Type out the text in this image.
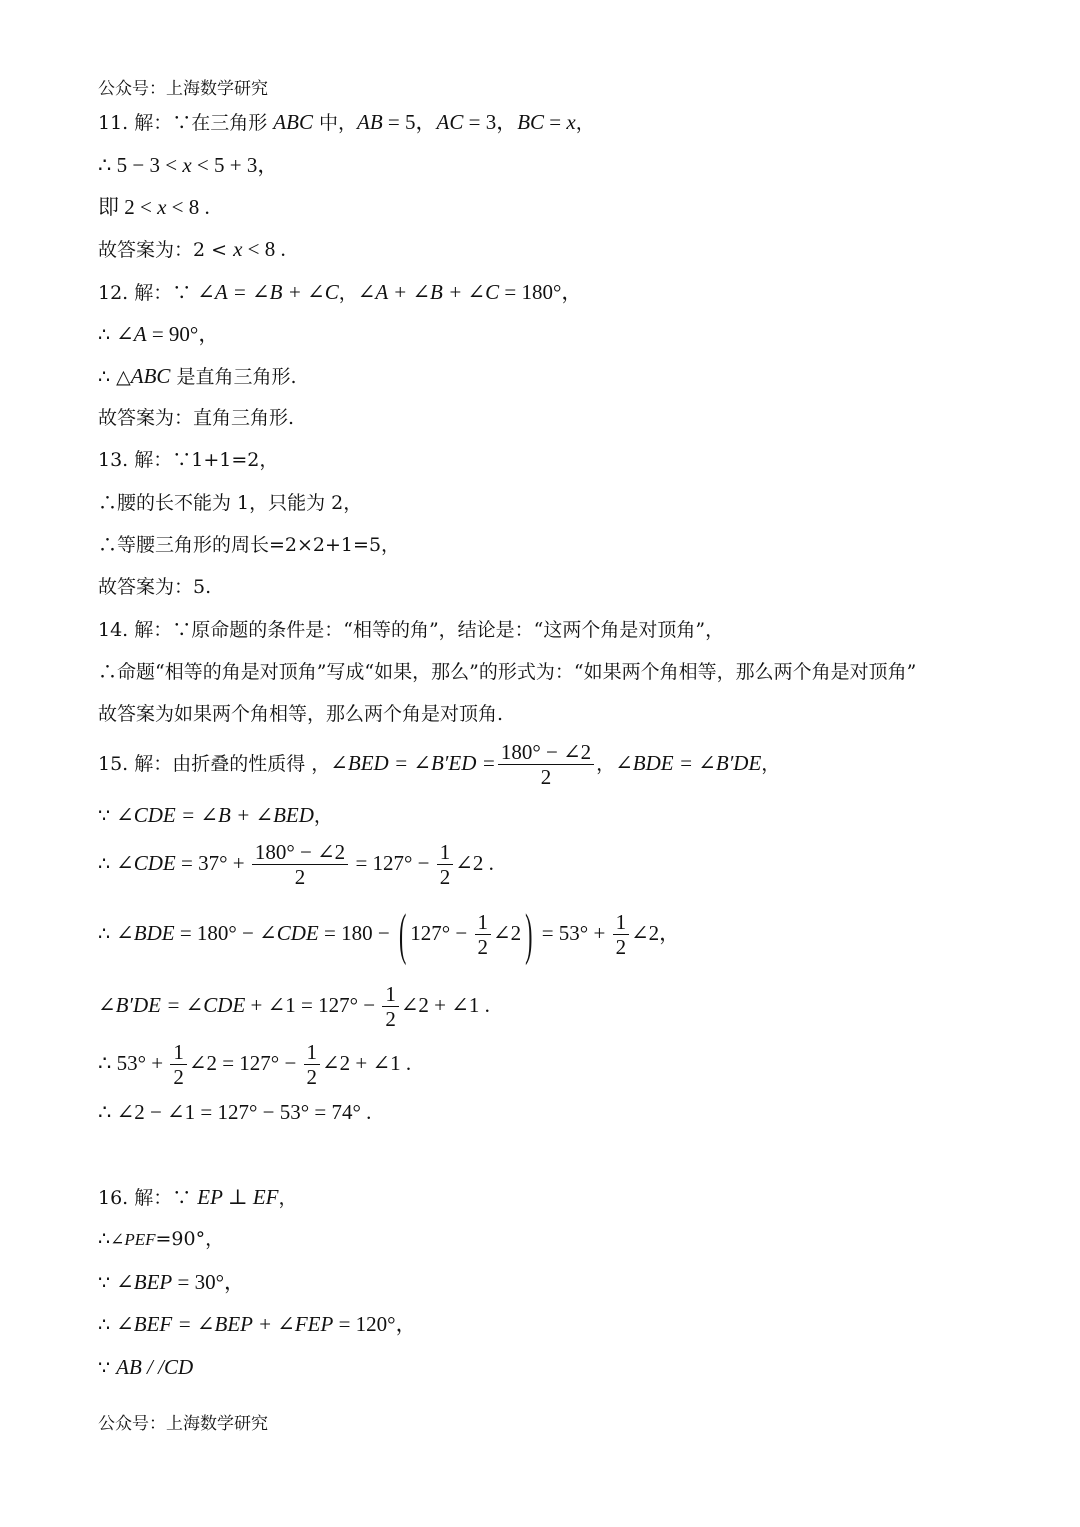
公众号：上海数学研究
11. 解：∵在三角形 ABC 中，AB = 5，AC = 3，BC = x，
∴ 5 − 3 < x < 5 + 3，
即 2 < x < 8 .
故答案为：2 < x < 8 .
12. 解：∵ ∠A = ∠B + ∠C，∠A + ∠B + ∠C = 180°，
∴ ∠A = 90°，
∴ △ABC 是直角三角形.
故答案为：直角三角形.
13. 解：∵1+1=2，
∴腰的长不能为 1，只能为 2，
∴等腰三角形的周长=2×2+1=5，
故答案为：5.
14. 解：∵原命题的条件是：“相等的角”，结论是：“这两个角是对顶角”，
∴命题“相等的角是对顶角”写成“如果，那么”的形式为：“如果两个角相等，那么两个角是对顶角”
故答案为如果两个角相等，那么两个角是对顶角.
15. 解：由折叠的性质得 ，∠BED = ∠B′ED = $\frac{180^\circ - \angle 2}{2}$ ，∠BDE = ∠B′DE，
∵ ∠CDE = ∠B + ∠BED，
∴ ∠CDE = $37^\circ + \frac{180^\circ - \angle 2}{2} = 127^\circ - \frac{1}{2}$ ∠2 .
∴ ∠BDE = 180° − ∠CDE = 180 − ( $127^\circ - \frac{1}{2}$ ∠2 ) = $53^\circ + \frac{1}{2}$ ∠2，
∠B′DE = ∠CDE + ∠1 = $127^\circ - \frac{1}{2}$ ∠2 + ∠1 .
∴ $53^\circ + \frac{1}{2}$ ∠2 = $127^\circ - \frac{1}{2}$ ∠2 + ∠1 .
∴ ∠2 − ∠1 = 127° − 53° = 74° .
16. 解：∵ EP ⊥ EF，
∴∠PEF=90°，
∵ ∠BEP = 30°，
∴ ∠BEF = ∠BEP + ∠FEP = 120°，
∵ AB / /CD
公众号：上海数学研究
